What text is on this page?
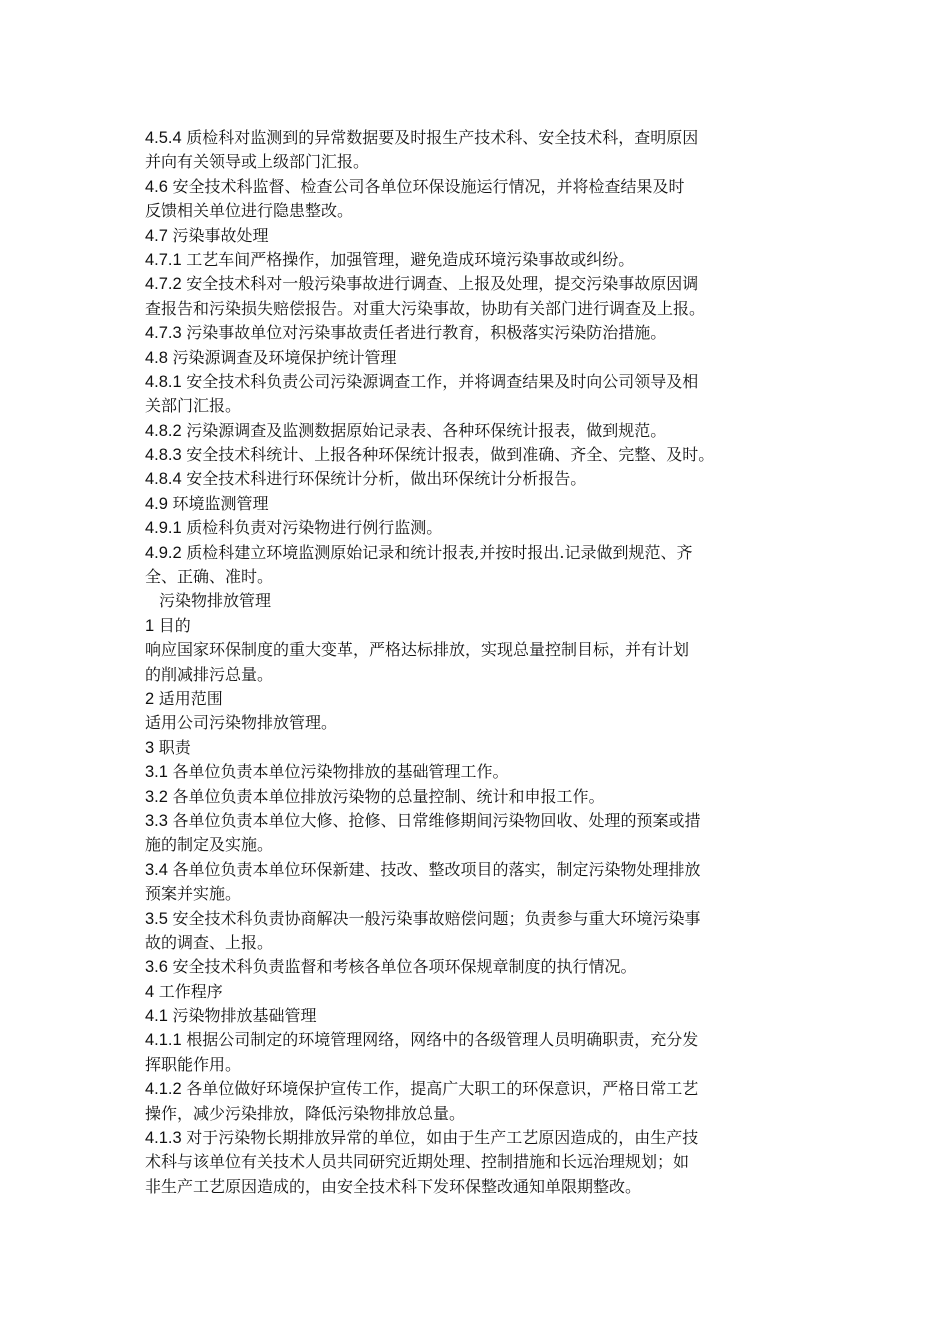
4.5.4 质检科对监测到的异常数据要及时报生产技术科、安全技术科，查明原因
并向有关领导或上级部门汇报。
4.6 安全技术科监督、检查公司各单位环保设施运行情况，并将检查结果及时
反馈相关单位进行隐患整改。
4.7 污染事故处理
4.7.1 工艺车间严格操作，加强管理，避免造成环境污染事故或纠纷。
4.7.2 安全技术科对一般污染事故进行调查、上报及处理，提交污染事故原因调
查报告和污染损失赔偿报告。对重大污染事故，协助有关部门进行调查及上报。
4.7.3 污染事故单位对污染事故责任者进行教育，积极落实污染防治措施。
4.8 污染源调查及环境保护统计管理
4.8.1 安全技术科负责公司污染源调查工作，并将调查结果及时向公司领导及相
关部门汇报。
4.8.2 污染源调查及监测数据原始记录表、各种环保统计报表，做到规范。
4.8.3 安全技术科统计、上报各种环保统计报表，做到准确、齐全、完整、及时。
4.8.4 安全技术科进行环保统计分析，做出环保统计分析报告。
4.9 环境监测管理
4.9.1 质检科负责对污染物进行例行监测。
4.9.2 质检科建立环境监测原始记录和统计报表,并按时报出.记录做到规范、齐
全、正确、准时。
污染物排放管理
1 目的
响应国家环保制度的重大变革，严格达标排放，实现总量控制目标，并有计划
的削减排污总量。
2 适用范围
适用公司污染物排放管理。
3 职责
3.1 各单位负责本单位污染物排放的基础管理工作。
3.2 各单位负责本单位排放污染物的总量控制、统计和申报工作。
3.3 各单位负责本单位大修、抢修、日常维修期间污染物回收、处理的预案或措
施的制定及实施。
3.4 各单位负责本单位环保新建、技改、整改项目的落实，制定污染物处理排放
预案并实施。
3.5 安全技术科负责协商解决一般污染事故赔偿问题；负责参与重大环境污染事
故的调查、上报。
3.6 安全技术科负责监督和考核各单位各项环保规章制度的执行情况。
4 工作程序
4.1 污染物排放基础管理
4.1.1 根据公司制定的环境管理网络，网络中的各级管理人员明确职责，充分发
挥职能作用。
4.1.2 各单位做好环境保护宣传工作，提高广大职工的环保意识，严格日常工艺
操作，减少污染排放，降低污染物排放总量。
4.1.3 对于污染物长期排放异常的单位，如由于生产工艺原因造成的，由生产技
术科与该单位有关技术人员共同研究近期处理、控制措施和长远治理规划；如
非生产工艺原因造成的，由安全技术科下发环保整改通知单限期整改。
